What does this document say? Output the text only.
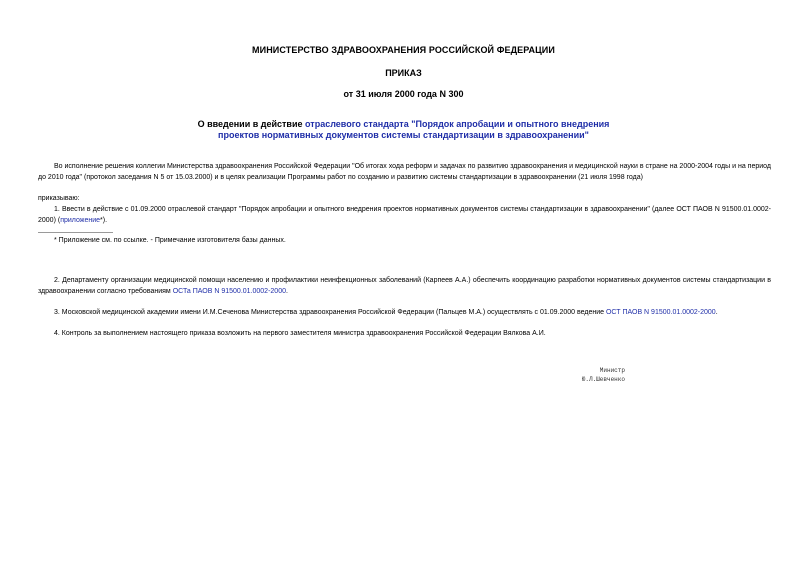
МИНИСТЕРСТВО ЗДРАВООХРАНЕНИЯ РОССИЙСКОЙ ФЕДЕРАЦИИ
ПРИКАЗ
от 31 июля 2000 года N 300
О введении в действие отраслевого стандарта "Порядок апробации и опытного внедрения
проектов нормативных документов системы стандартизации в здравоохранении"
Во исполнение решения коллегии Министерства здравоохранения Российской Федерации "Об итогах хода реформ и задачах по развитию здравоохранения и медицинской науки в стране на 2000-2004 годы и на период до 2010 года" (протокол заседания N 5 от 15.03.2000) и в целях реализации Программы работ по созданию и развитию системы стандартизации в здравоохранении (21 июля 1998 года)
приказываю:
1. Ввести в действие с 01.09.2000 отраслевой стандарт "Порядок апробации и опытного внедрения проектов нормативных документов системы стандартизации в здравоохранении" (далее ОСТ ПАОВ N 91500.01.0002-2000) (приложение*).
* Приложение см. по ссылке. - Примечание изготовителя базы данных.
2. Департаменту организации медицинской помощи населению и профилактики неинфекционных заболеваний (Карпеев А.А.) обеспечить координацию разработки нормативных документов системы стандартизации в здравоохранении согласно требованиям ОСТа ПАОВ N 91500.01.0002-2000.
3. Московской медицинской академии имени И.М.Сеченова Министерства здравоохранения Российской Федерации (Пальцев М.А.) осуществлять с 01.09.2000 ведение ОСТ ПАОВ N 91500.01.0002-2000.
4. Контроль за выполнением настоящего приказа возложить на первого заместителя министра здравоохранения Российской Федерации Вялкова А.И.
Министр
Ю.Л.Шевченко
